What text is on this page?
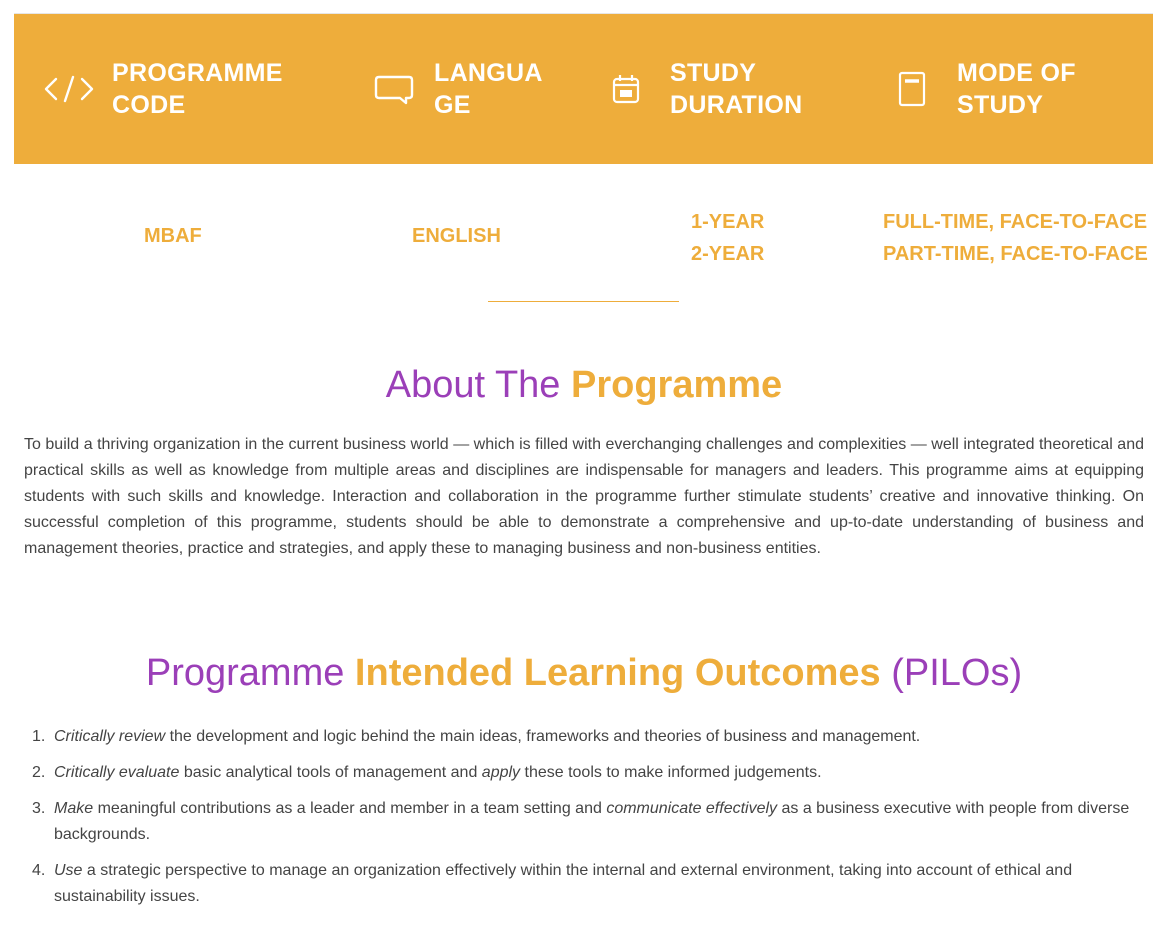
PROGRAMME CODE
LANGUAGE
STUDY DURATION
MODE OF STUDY
MBAF	ENGLISH
1-YEAR
2-YEAR
FULL-TIME, FACE-TO-FACE
PART-TIME, FACE-TO-FACE
About The Programme

To build a thriving organization in the current business world — which is filled with everchanging challenges and complexities — well integrated theoretical and practical skills as well as knowledge from multiple areas and disciplines are indispensable for managers and leaders. This programme aims at equipping students with such skills and knowledge. Interaction and collaboration in the programme further stimulate students’ creative and innovative thinking. On successful completion of this programme, students should be able to demonstrate a comprehensive and up-to-date understanding of business and management theories, practice and strategies, and apply these to managing business and non-business entities.

Programme Intended Learning Outcomes (PILOs)
1. Critically review the development and logic behind the main ideas, frameworks and theories of business and management.
2. Critically evaluate basic analytical tools of management and apply these tools to make informed judgements.
3. Make meaningful contributions as a leader and member in a team setting and communicate effectively as a business executive with people from diverse backgrounds.
4. Use a strategic perspective to manage an organization effectively within the internal and external environment, taking into account of ethical and sustainability issues.
